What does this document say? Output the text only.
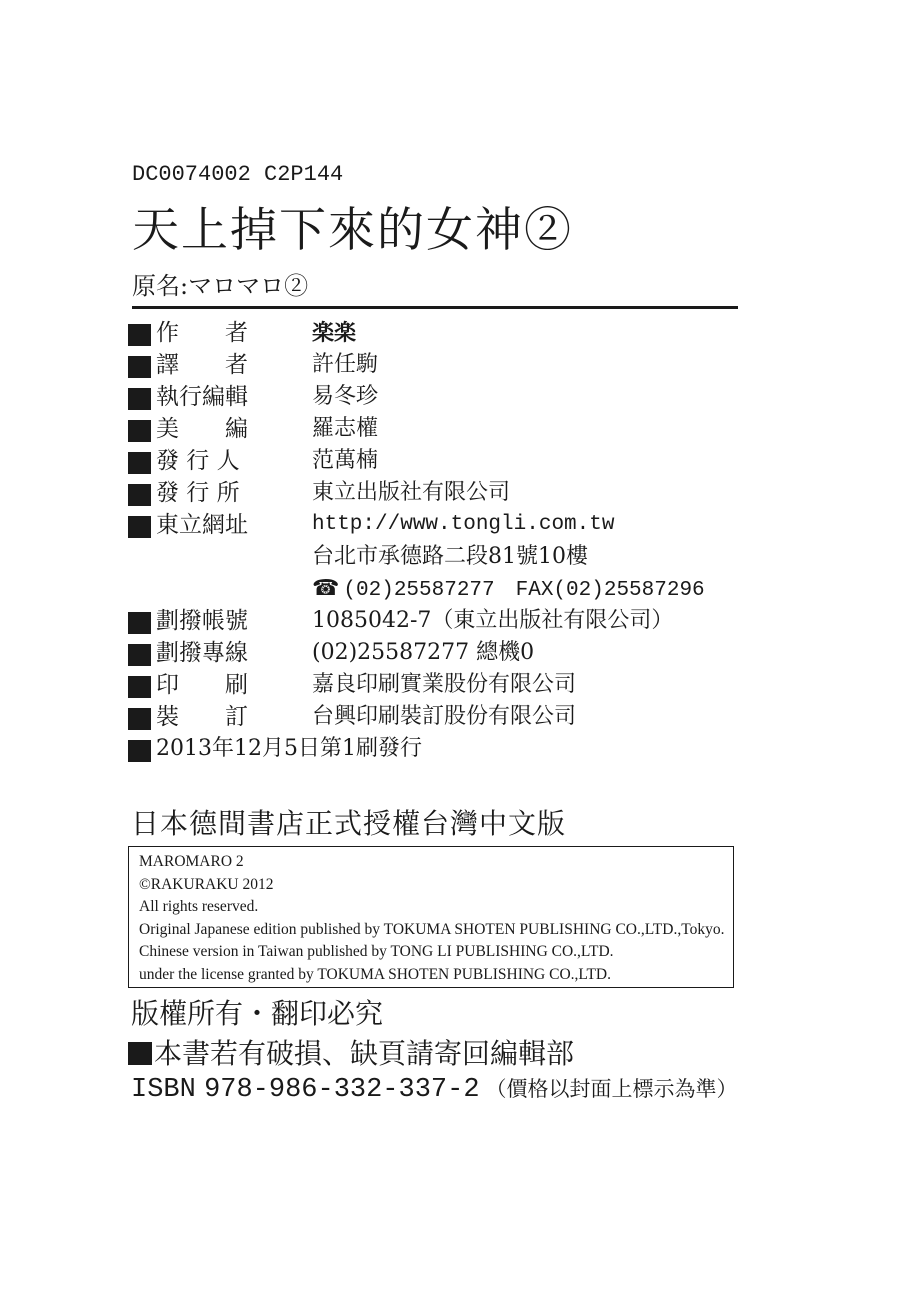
DC0074002 C2P144
天上掉下來的女神②
原名:マロマロ②
作　　者	楽楽
譯　　者	許任駒
執行編輯	易冬珍
美　　編	羅志權
發 行 人	范萬楠
發 行 所	東立出版社有限公司
東立網址	http://www.tongli.com.tw
台北市承德路二段81號10樓
☎ (02)25587277　FAX(02)25587296
劃撥帳號	1085042-7（東立出版社有限公司）
劃撥專線	(02)25587277 總機0
印　　刷	嘉良印刷實業股份有限公司
裝　　訂	台興印刷裝訂股份有限公司
2013年12月5日第1刷發行
日本德間書店正式授權台灣中文版
MAROMARO 2
©RAKURAKU 2012
All rights reserved.
Original Japanese edition published by TOKUMA SHOTEN PUBLISHING CO.,LTD.,Tokyo.
Chinese version in Taiwan published by TONG LI PUBLISHING CO.,LTD.
under the license granted by TOKUMA SHOTEN PUBLISHING CO.,LTD.
版權所有・翻印必究
本書若有破損、缺頁請寄回編輯部
ISBN 978-986-332-337-2 （價格以封面上標示為準）
